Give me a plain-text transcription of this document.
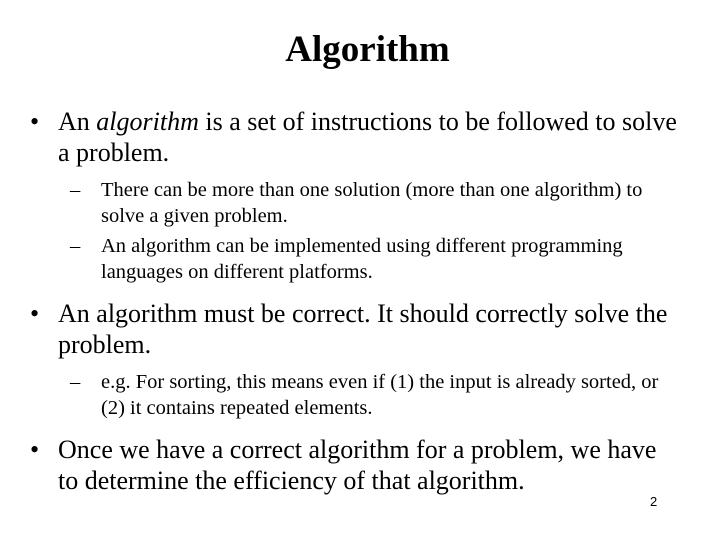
Algorithm
• An algorithm is a set of instructions to be followed to solve a problem.
– There can be more than one solution (more than one algorithm) to solve a given problem.
– An algorithm can be implemented using different programming languages on different platforms.
• An algorithm must be correct. It should correctly solve the problem.
– e.g. For sorting, this means even if (1) the input is already sorted, or (2) it contains repeated elements.
• Once we have a correct algorithm for a problem, we have to determine the efficiency of that algorithm.
2
